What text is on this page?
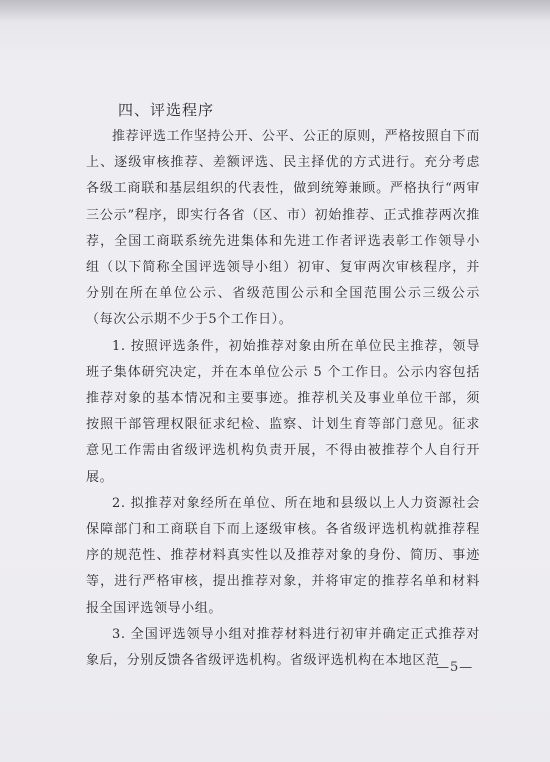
四、评选程序

推荐评选工作坚持公开、公平、公正的原则，严格按照自下而上、逐级审核推荐、差额评选、民主择优的方式进行。充分考虑各级工商联和基层组织的代表性，做到统筹兼顾。严格执行“两审三公示”程序，即实行各省（区、市）初始推荐、正式推荐两次推荐，全国工商联系统先进集体和先进工作者评选表彰工作领导小组（以下简称全国评选领导小组）初审、复审两次审核程序，并分别在所在单位公示、省级范围公示和全国范围公示三级公示（每次公示期不少于5个工作日）。

1. 按照评选条件，初始推荐对象由所在单位民主推荐，领导班子集体研究决定，并在本单位公示 5 个工作日。公示内容包括推荐对象的基本情况和主要事迹。推荐机关及事业单位干部，须按照干部管理权限征求纪检、监察、计划生育等部门意见。征求意见工作需由省级评选机构负责开展，不得由被推荐个人自行开展。

2. 拟推荐对象经所在单位、所在地和县级以上人力资源社会保障部门和工商联自下而上逐级审核。各省级评选机构就推荐程序的规范性、推荐材料真实性以及推荐对象的身份、简历、事迹等，进行严格审核，提出推荐对象，并将审定的推荐名单和材料报全国评选领导小组。

3. 全国评选领导小组对推荐材料进行初审并确定正式推荐对象后，分别反馈各省级评选机构。省级评选机构在本地区范

—5—
